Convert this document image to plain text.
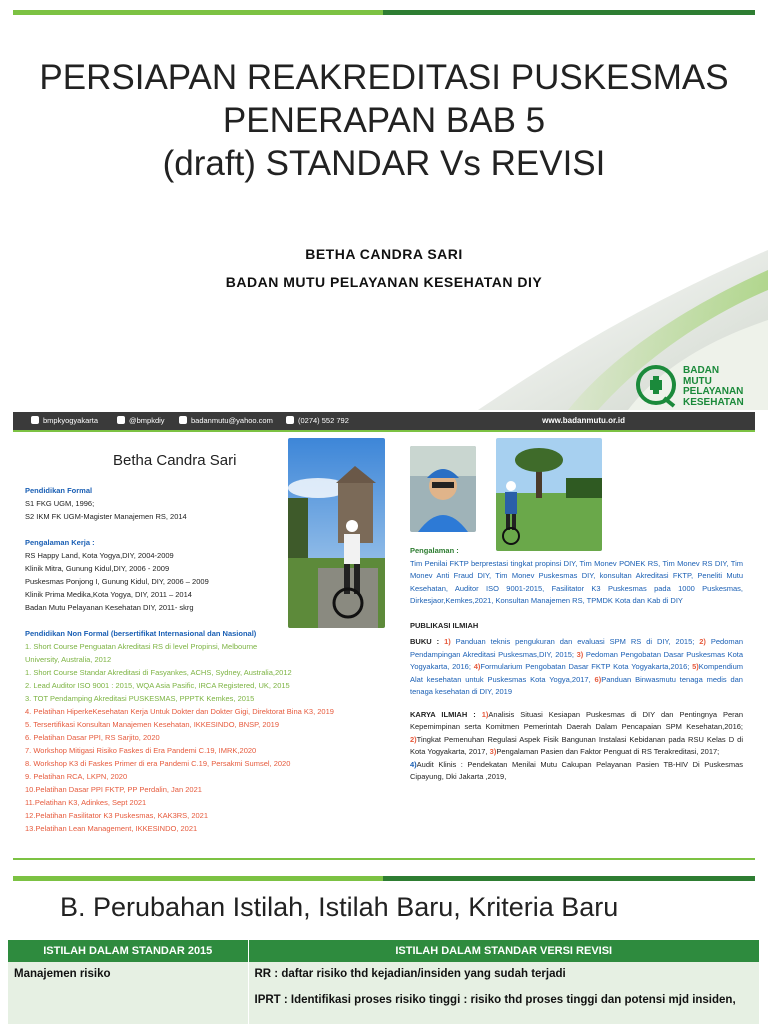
PERSIAPAN REAKREDITASI PUSKESMAS
PENERAPAN BAB 5
(draft) STANDAR Vs REVISI
BETHA CANDRA SARI
BADAN MUTU PELAYANAN KESEHATAN DIY
BADAN
MUTU
PELAYANAN
KESEHATAN
bmpkyogyakarta	@bmpkdiy	badanmutu@yahoo.com	(0274) 552 792	www.badanmutu.or.id
Betha Candra Sari
Pendidikan Formal
S1 FKG UGM, 1996;
S2 IKM FK UGM-Magister Manajemen RS, 2014
Pengalaman Kerja :
RS Happy Land, Kota Yogya,DIY, 2004-2009
Klinik Mitra, Gunung Kidul,DIY, 2006 - 2009
Puskesmas Ponjong I, Gunung Kidul, DIY, 2006 – 2009
Klinik Prima Medika,Kota Yogya, DIY, 2011 – 2014
Badan Mutu Pelayanan Kesehatan DIY, 2011- skrg
Pendidikan Non Formal (bersertifikat Internasional dan Nasional)
1. Short Course Penguatan Akreditasi RS di level Propinsi, Melbourne
University, Australia, 2012
1. Short Course Standar Akreditasi di Fasyankes, ACHS, Sydney, Australia,2012
2. Lead Auditor ISO 9001 : 2015, WQA Asia Pasific, IRCA Registered, UK, 2015
3. TOT Pendamping Akreditasi PUSKESMAS, PPPTK Kemkes, 2015
4. Pelatihan HiperkeKesehatan Kerja Untuk Dokter dan Dokter Gigi, Direktorat Bina K3, 2019
5. Tersertifikasi Konsultan Manajemen Kesehatan, IKKESINDO, BNSP, 2019
6. Pelatihan Dasar PPI, RS Sarjito, 2020
7. Workshop Mitigasi Risiko Faskes di Era Pandemi C.19, IMRK,2020
8. Workshop K3 di Faskes Primer di era Pandemi C.19, Persakmi Sumsel, 2020
9. Pelatihan RCA, LKPN, 2020
10.Pelatihan Dasar PPI FKTP, PP Perdalin, Jan 2021
11.Pelatihan K3, Adinkes, Sept 2021
12.Pelatihan Fasilitator K3 Puskesmas, KAK3RS, 2021
13.Pelatihan Lean Management, IKKESINDO, 2021
Pengalaman :
Tim Penilai FKTP berprestasi tingkat propinsi DIY, Tim Monev PONEK RS, Tim Monev RS DIY, Tim Monev Anti Fraud DIY, Tim Monev Puskesmas DIY, konsultan Akreditasi FKTP, Peneliti Mutu Kesehatan, Auditor ISO 9001-2015, Fasilitator K3 Puskesmas pada 1000 Puskesmas, Dirkesjaor,Kemkes,2021, Konsultan Manajemen RS, TPMDK Kota dan Kab di DIY
PUBLIKASI ILMIAH
BUKU : 1) Panduan teknis pengukuran dan evaluasi SPM RS di DIY, 2015; 2) Pedoman Pendampingan Akreditasi Puskesmas,DIY, 2015; 3) Pedoman Pengobatan Dasar Puskesmas Kota Yogyakarta, 2016; 4)Formularium Pengobatan Dasar FKTP Kota Yogyakarta,2016; 5)Kompendium Alat kesehatan untuk Puskesmas Kota Yogya,2017, 6)Panduan Binwasmutu tenaga medis dan tenaga kesehatan di DIY, 2019
KARYA ILMIAH : 1)Analisis Situasi Kesiapan Puskesmas di DIY dan Pentingnya Peran Kepemimpinan serta Komitmen Pemerintah Daerah Dalam Pencapaian SPM Kesehatan,2016; 2)Tingkat Pemenuhan Regulasi Aspek Fisik Bangunan Instalasi Kebidanan pada RSU Kelas D di Kota Yogyakarta, 2017, 3)Pengalaman Pasien dan Faktor Penguat di RS Terakreditasi, 2017;
4)Audit Klinis : Pendekatan Menilai Mutu Cakupan Pelayanan Pasien TB-HIV Di Puskesmas Cipayung, Dki Jakarta ,2019,
B. Perubahan Istilah, Istilah Baru, Kriteria Baru
ISTILAH DALAM STANDAR 2015	ISTILAH DALAM STANDAR VERSI REVISI
Manajemen risiko	RR : daftar risiko thd kejadian/insiden yang sudah terjadi
IPRT : Identifikasi proses risiko tinggi : risiko thd proses tinggi dan potensi mjd insiden,
